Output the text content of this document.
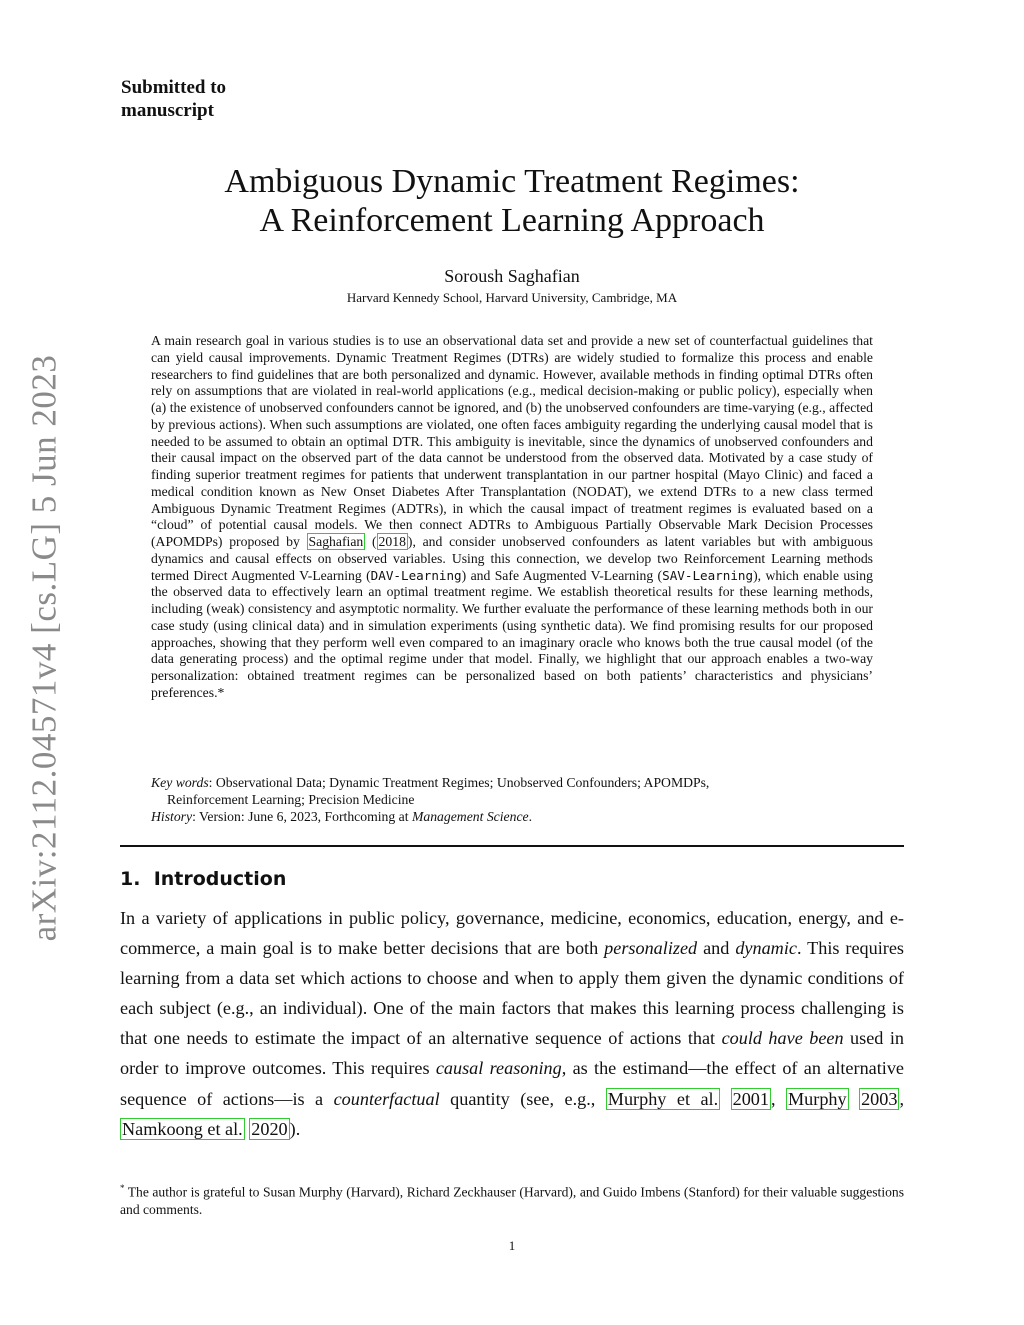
arXiv:2112.04571v4 [cs.LG] 5 Jun 2023
Submitted to
manuscript
Ambiguous Dynamic Treatment Regimes:
A Reinforcement Learning Approach
Soroush Saghafian
Harvard Kennedy School, Harvard University, Cambridge, MA
A main research goal in various studies is to use an observational data set and provide a new set of counterfactual guidelines that can yield causal improvements. Dynamic Treatment Regimes (DTRs) are widely studied to formalize this process and enable researchers to find guidelines that are both personalized and dynamic. However, available methods in finding optimal DTRs often rely on assumptions that are violated in real-world applications (e.g., medical decision-making or public policy), especially when (a) the existence of unobserved confounders cannot be ignored, and (b) the unobserved confounders are time-varying (e.g., affected by previous actions). When such assumptions are violated, one often faces ambiguity regarding the underlying causal model that is needed to be assumed to obtain an optimal DTR. This ambiguity is inevitable, since the dynamics of unobserved confounders and their causal impact on the observed part of the data cannot be understood from the observed data. Motivated by a case study of finding superior treatment regimes for patients that underwent transplantation in our partner hospital (Mayo Clinic) and faced a medical condition known as New Onset Diabetes After Transplantation (NODAT), we extend DTRs to a new class termed Ambiguous Dynamic Treatment Regimes (ADTRs), in which the causal impact of treatment regimes is evaluated based on a “cloud” of potential causal models. We then connect ADTRs to Ambiguous Partially Observable Mark Decision Processes (APOMDPs) proposed by Saghafian ( 2018 ), and consider unobserved confounders as latent variables but with ambiguous dynamics and causal effects on observed variables. Using this connection, we develop two Reinforcement Learning methods termed Direct Augmented V-Learning (DAV-Learning) and Safe Augmented V-Learning (SAV-Learning), which enable using the observed data to effectively learn an optimal treatment regime. We establish theoretical results for these learning methods, including (weak) consistency and asymptotic normality. We further evaluate the performance of these learning methods both in our case study (using clinical data) and in simulation experiments (using synthetic data). We find promising results for our proposed approaches, showing that they perform well even compared to an imaginary oracle who knows both the true causal model (of the data generating process) and the optimal regime under that model. Finally, we highlight that our approach enables a two-way personalization: obtained treatment regimes can be personalized based on both patients’ characteristics and physicians’ preferences.*
Key words: Observational Data; Dynamic Treatment Regimes; Unobserved Confounders; APOMDPs,
Reinforcement Learning; Precision Medicine
History: Version: June 6, 2023, Forthcoming at Management Science.
1. Introduction
In a variety of applications in public policy, governance, medicine, economics, education, energy, and e-commerce, a main goal is to make better decisions that are both personalized and dynamic. This requires learning from a data set which actions to choose and when to apply them given the dynamic conditions of each subject (e.g., an individual). One of the main factors that makes this learning process challenging is that one needs to estimate the impact of an alternative sequence of actions that could have been used in order to improve outcomes. This requires causal reasoning, as the estimand—the effect of an alternative sequence of actions—is a counterfactual quantity (see, e.g., Murphy et al. 2001 , Murphy 2003 , Namkoong et al. 2020 ).
* The author is grateful to Susan Murphy (Harvard), Richard Zeckhauser (Harvard), and Guido Imbens (Stanford) for their valuable suggestions and comments.
1
